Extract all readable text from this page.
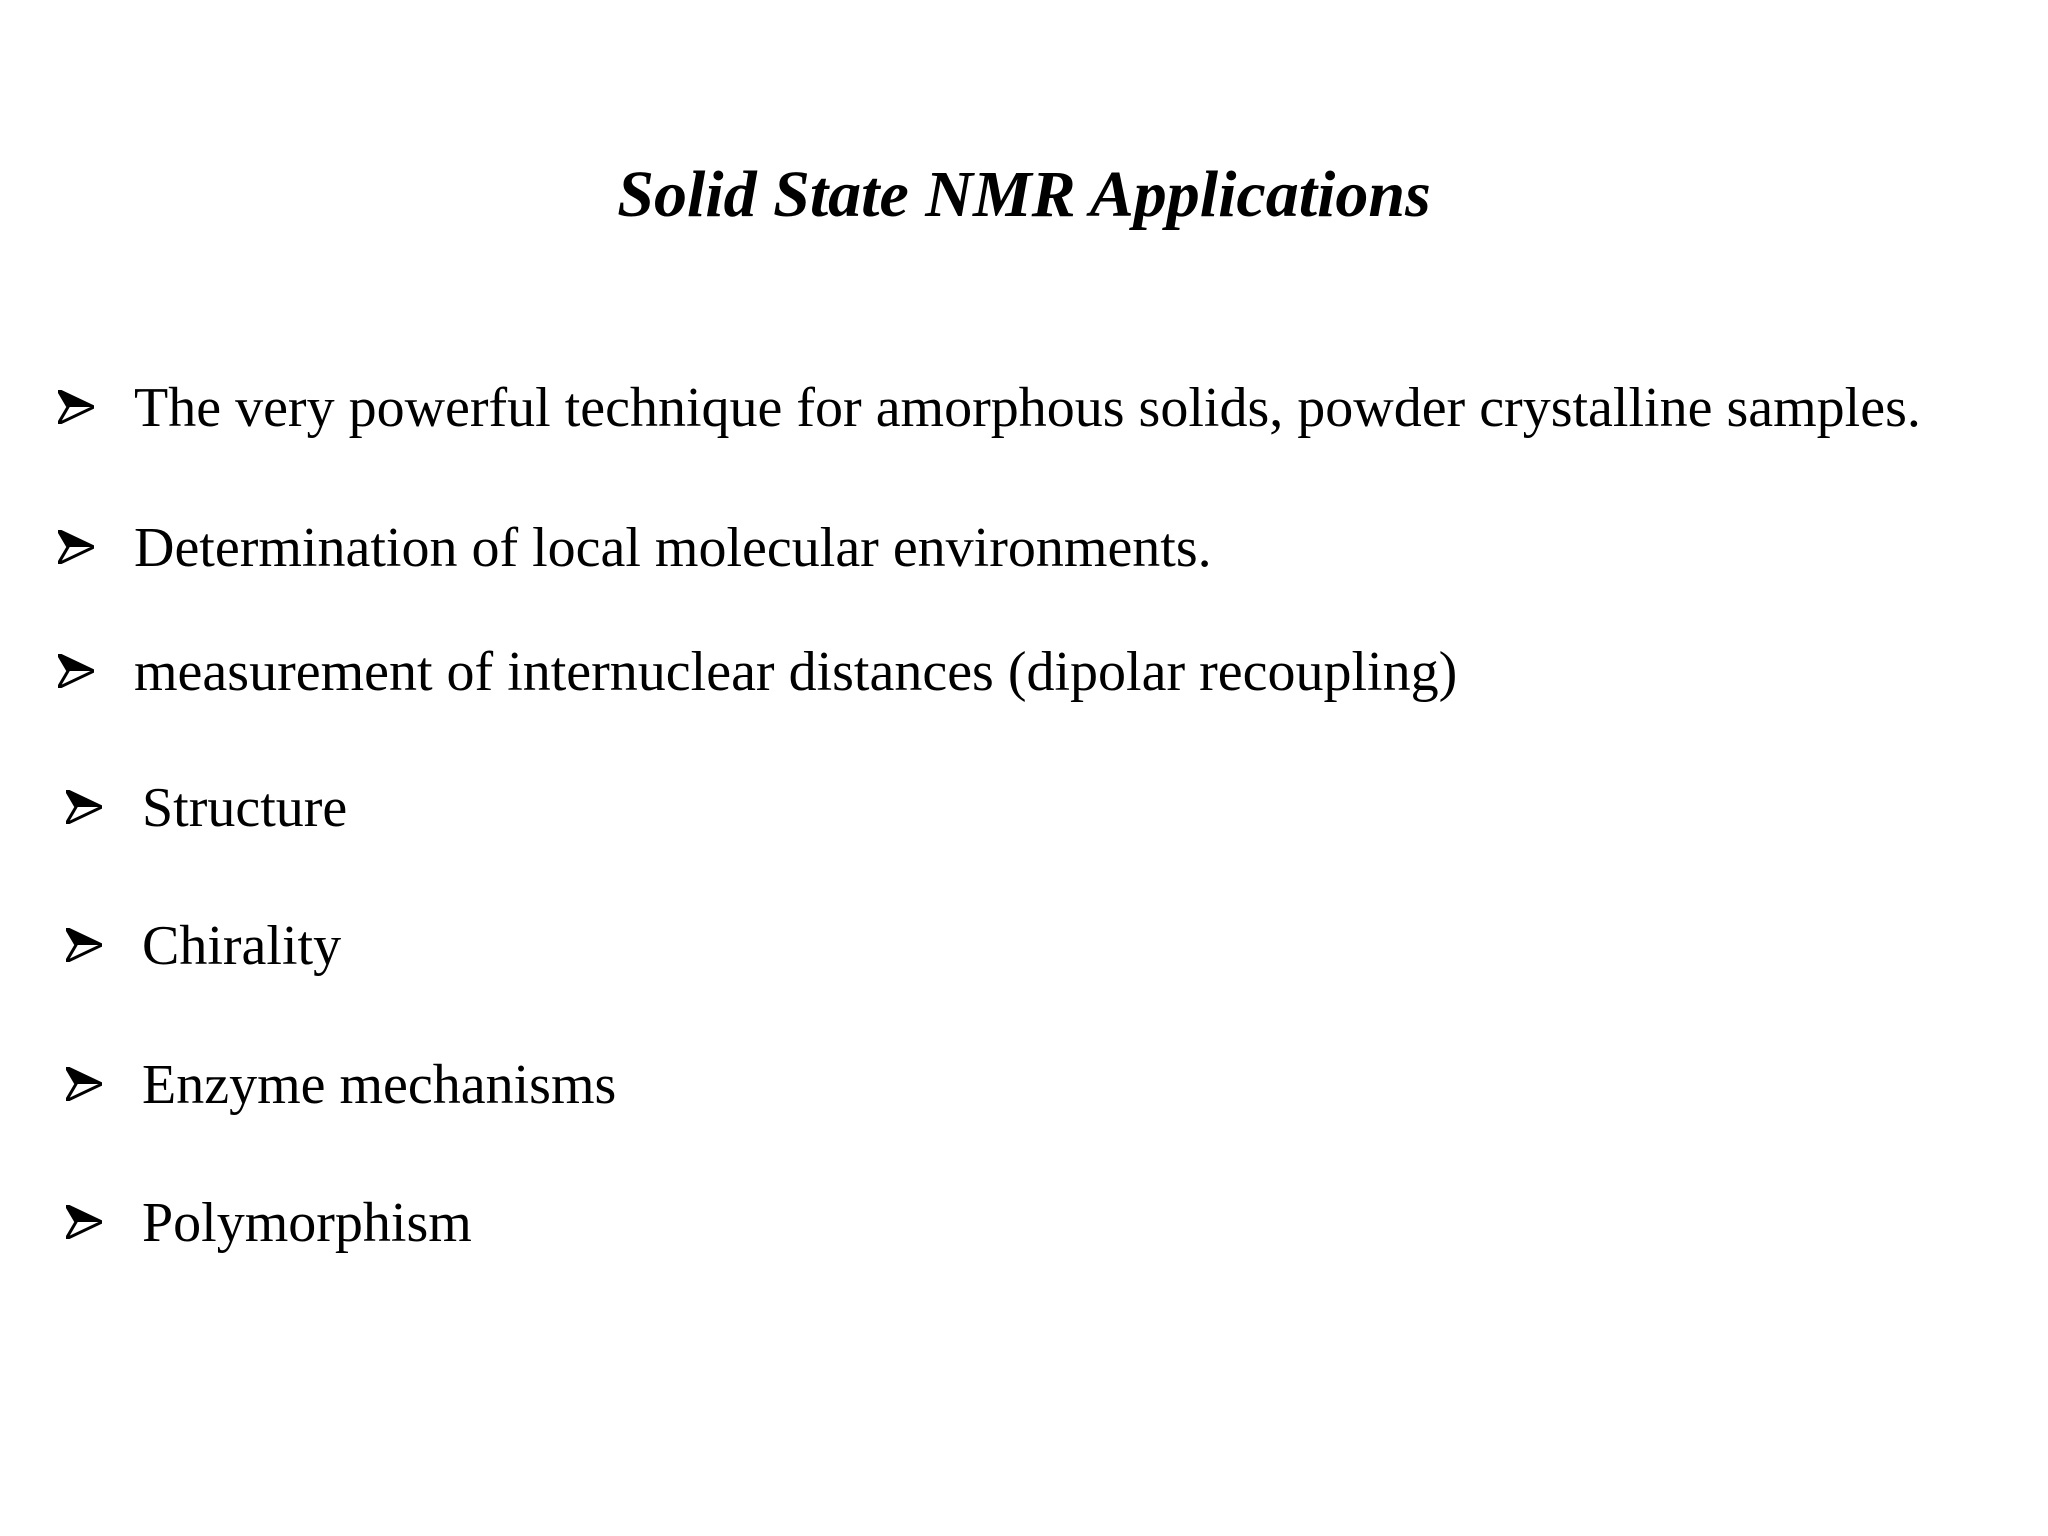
Solid State NMR Applications
The very powerful technique for amorphous solids, powder crystalline samples.
Determination of local molecular environments.
measurement of internuclear distances (dipolar recoupling)
Structure
Chirality
Enzyme mechanisms
Polymorphism
